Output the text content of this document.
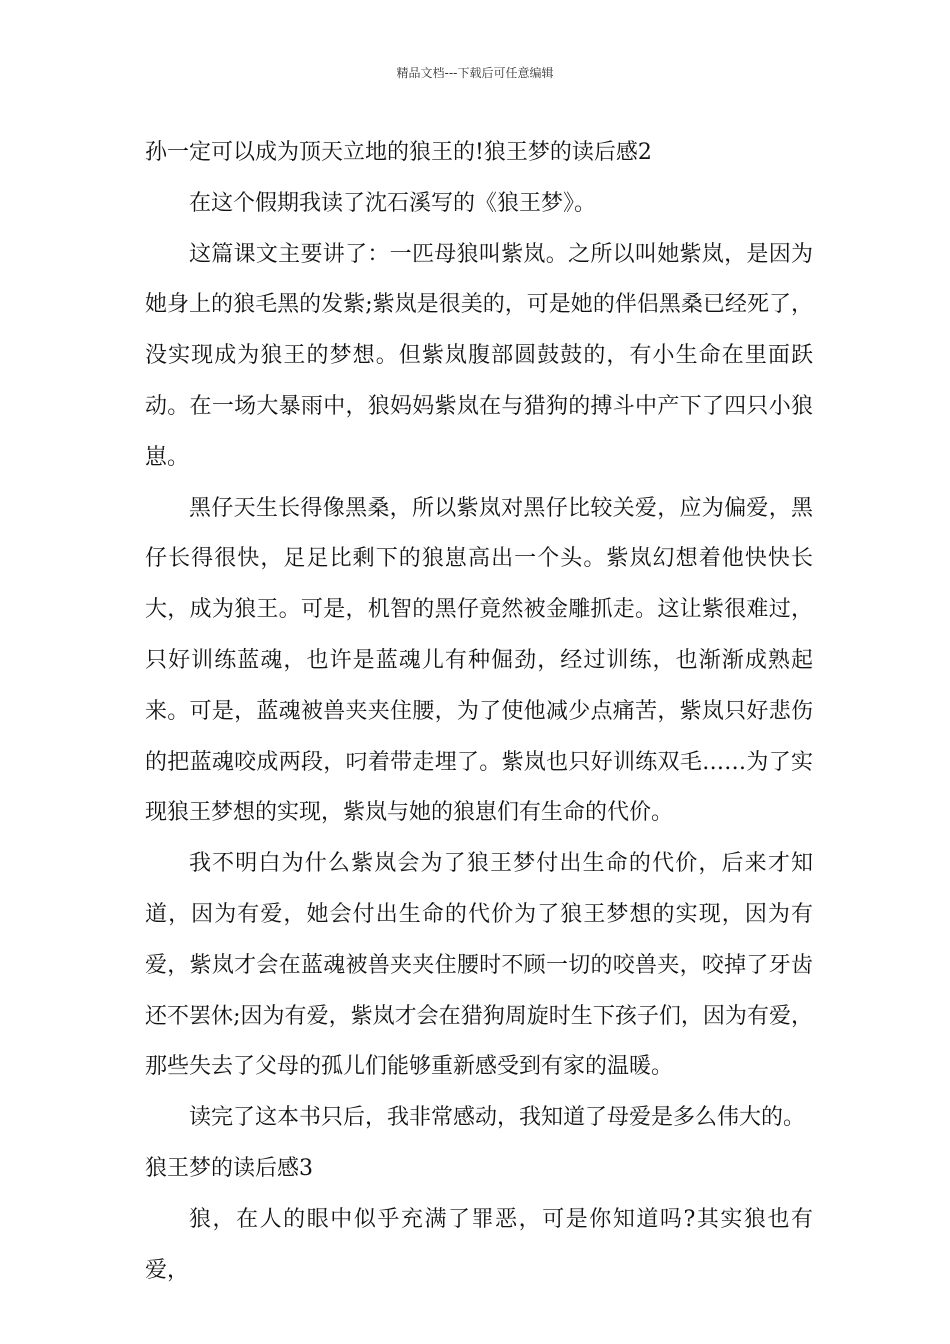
精品文档---下载后可任意编辑

孙一定可以成为顶天立地的狼王的!狼王梦的读后感2

在这个假期我读了沈石溪写的《狼王梦》。

这篇课文主要讲了：一匹母狼叫紫岚。之所以叫她紫岚，是因为她身上的狼毛黑的发紫;紫岚是很美的，可是她的伴侣黑桑已经死了，没实现成为狼王的梦想。但紫岚腹部圆鼓鼓的，有小生命在里面跃动。在一场大暴雨中，狼妈妈紫岚在与猎狗的搏斗中产下了四只小狼崽。

黑仔天生长得像黑桑，所以紫岚对黑仔比较关爱，应为偏爱，黑仔长得很快，足足比剩下的狼崽高出一个头。紫岚幻想着他快快长大，成为狼王。可是，机智的黑仔竟然被金雕抓走。这让紫很难过，只好训练蓝魂，也许是蓝魂儿有种倔劲，经过训练，也渐渐成熟起来。可是，蓝魂被兽夹夹住腰，为了使他减少点痛苦，紫岚只好悲伤的把蓝魂咬成两段，叼着带走埋了。紫岚也只好训练双毛……为了实现狼王梦想的实现，紫岚与她的狼崽们有生命的代价。

我不明白为什么紫岚会为了狼王梦付出生命的代价，后来才知道，因为有爱，她会付出生命的代价为了狼王梦想的实现，因为有爱，紫岚才会在蓝魂被兽夹夹住腰时不顾一切的咬兽夹，咬掉了牙齿还不罢休;因为有爱，紫岚才会在猎狗周旋时生下孩子们，因为有爱，那些失去了父母的孤儿们能够重新感受到有家的温暖。

读完了这本书只后，我非常感动，我知道了母爱是多么伟大的。

狼王梦的读后感3

狼，在人的眼中似乎充满了罪恶，可是你知道吗?其实狼也有爱，
